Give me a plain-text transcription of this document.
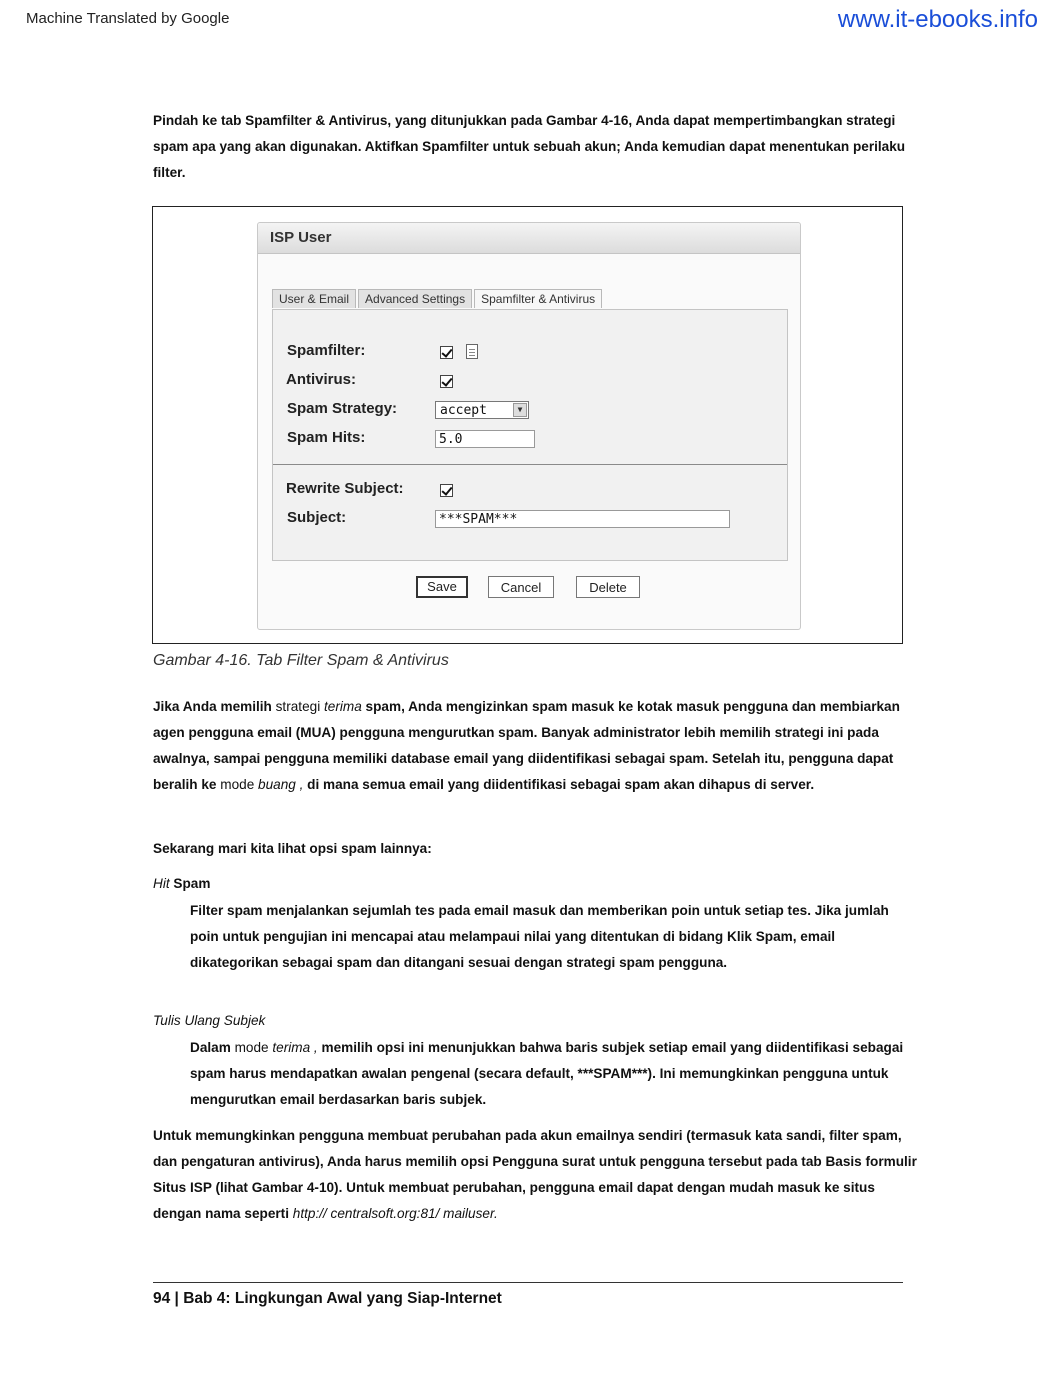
Machine Translated by Google	www.it-ebooks.info
Pindah ke tab Spamfilter & Antivirus, yang ditunjukkan pada Gambar 4-16, Anda dapat mempertimbangkan strategi spam apa yang akan digunakan. Aktifkan Spamfilter untuk sebuah akun; Anda kemudian dapat menentukan perilaku filter.
ISP User
User & Email	Advanced Settings	Spamfilter & Antivirus
Spamfilter:
Antivirus:
Spam Strategy:	accept	▼
Spam Hits:	5.0
Rewrite Subject:
Subject:	***SPAM***
Save	Cancel	Delete
Gambar 4-16. Tab Filter Spam & Antivirus
Jika Anda memilih strategi terima spam, Anda mengizinkan spam masuk ke kotak masuk pengguna dan membiarkan agen pengguna email (MUA) pengguna mengurutkan spam. Banyak administrator lebih memilih strategi ini pada awalnya, sampai pengguna memiliki database email yang diidentifikasi sebagai spam. Setelah itu, pengguna dapat beralih ke mode buang , di mana semua email yang diidentifikasi sebagai spam akan dihapus di server.
Sekarang mari kita lihat opsi spam lainnya:
Hit Spam
Filter spam menjalankan sejumlah tes pada email masuk dan memberikan poin untuk setiap tes. Jika jumlah poin untuk pengujian ini mencapai atau melampaui nilai yang ditentukan di bidang Klik Spam, email dikategorikan sebagai spam dan ditangani sesuai dengan strategi spam pengguna.
Tulis Ulang Subjek
Dalam mode terima , memilih opsi ini menunjukkan bahwa baris subjek setiap email yang diidentifikasi sebagai spam harus mendapatkan awalan pengenal (secara default, ***SPAM***). Ini memungkinkan pengguna untuk mengurutkan email berdasarkan baris subjek.
Untuk memungkinkan pengguna membuat perubahan pada akun emailnya sendiri (termasuk kata sandi, filter spam, dan pengaturan antivirus), Anda harus memilih opsi Pengguna surat untuk pengguna tersebut pada tab Basis formulir Situs ISP (lihat Gambar 4-10). Untuk membuat perubahan, pengguna email dapat dengan mudah masuk ke situs dengan nama seperti http:// centralsoft.org:81/ mailuser.
94 | Bab 4: Lingkungan Awal yang Siap-Internet
